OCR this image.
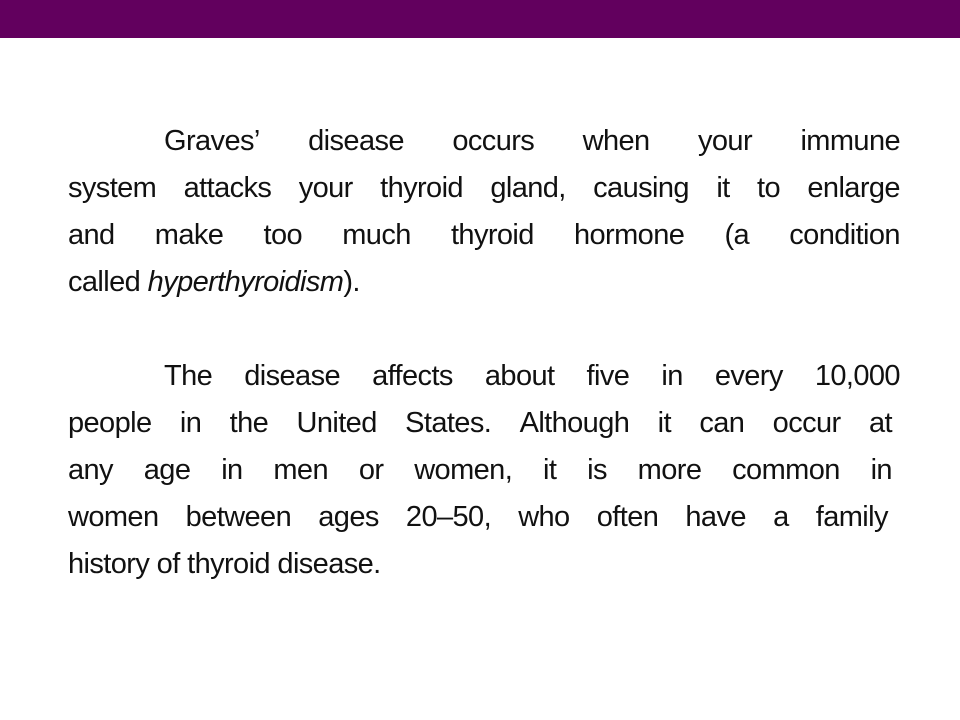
Graves’ disease occurs when your immune
system attacks your thyroid gland, causing it to enlarge
and make too much thyroid hormone (a condition
called hyperthyroidism).

The disease affects about five in every 10,000
people in the United States. Although it can occur at
any age in men or women, it is more common in
women between ages 20–50, who often have a family
history of thyroid disease.
